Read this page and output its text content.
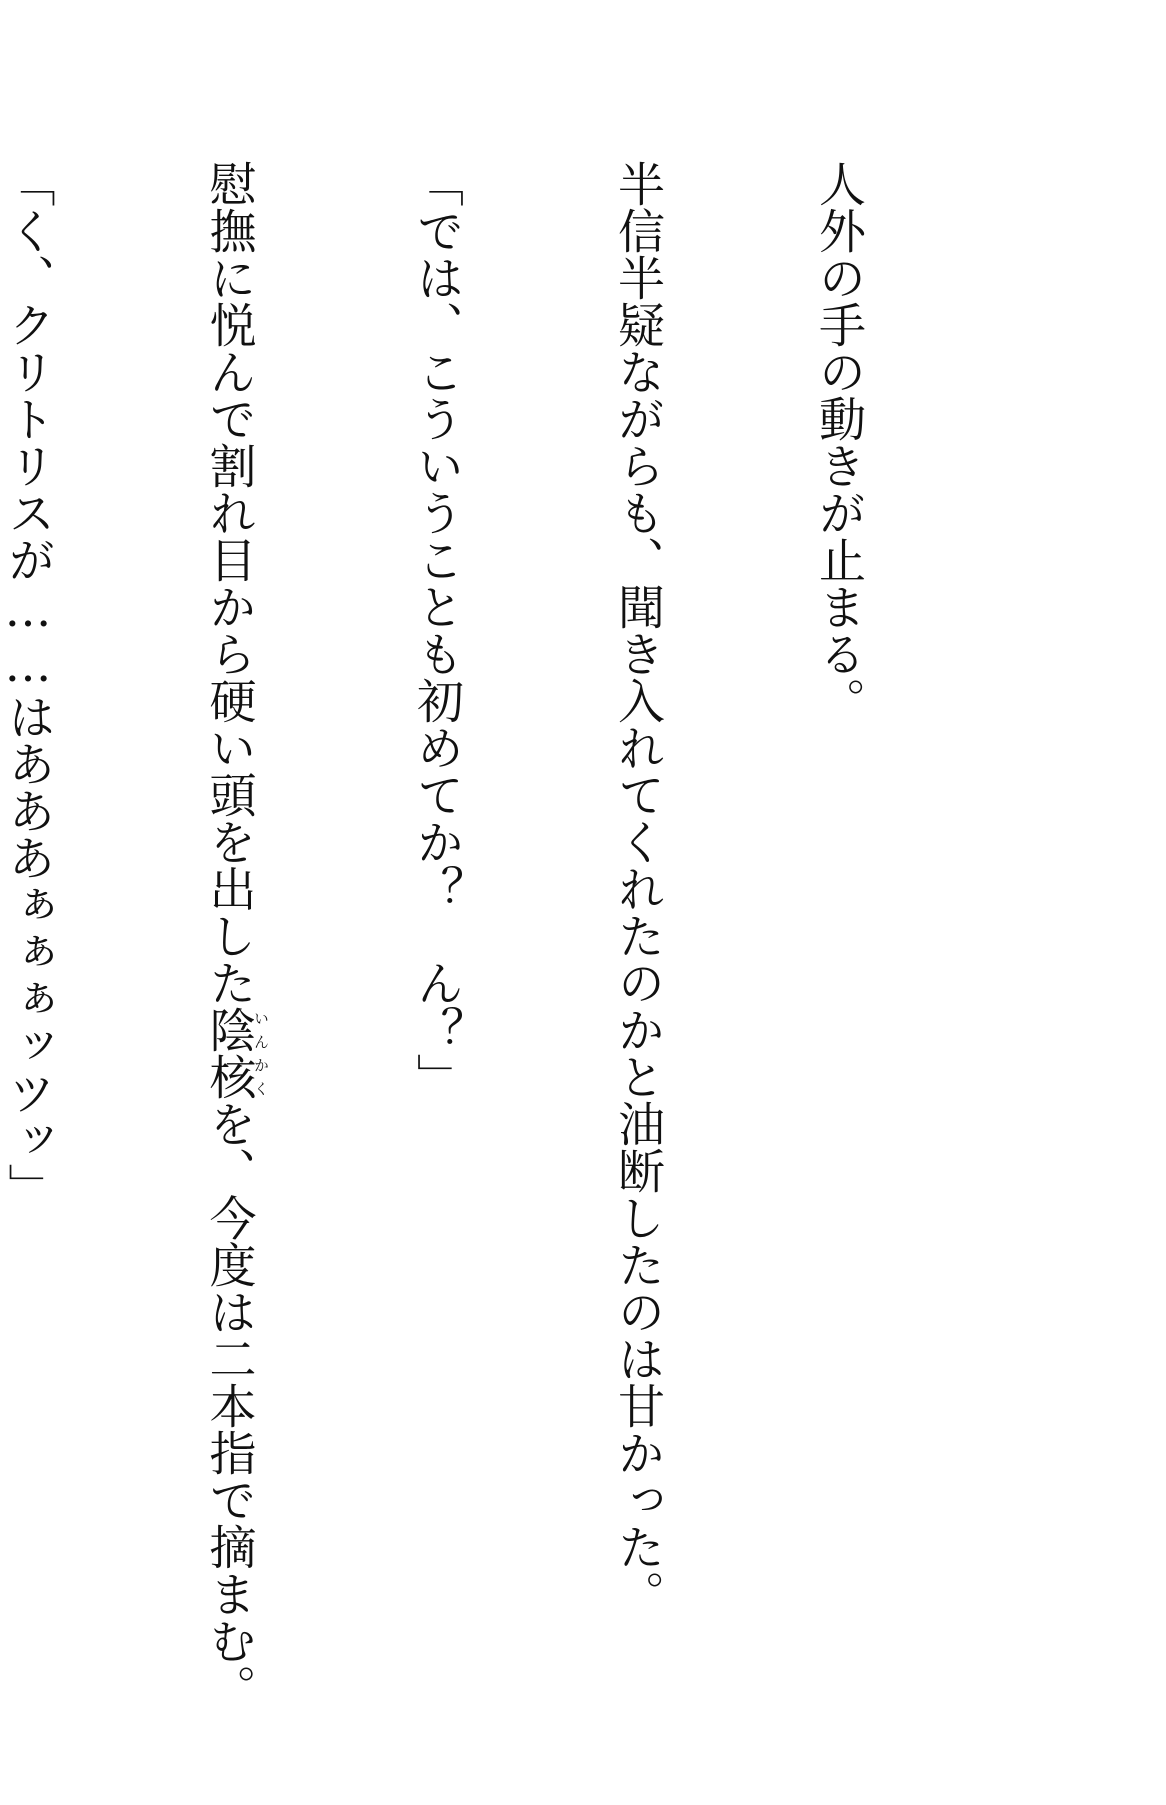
人外の手の動きが止まる。

半信半疑ながらも、聞き入れてくれたのかと油断したのは甘かった。

「では、こういうことも初めてか？　ん？」

慰撫に悦んで割れ目から硬い頭を出した陰核いんかくを、今度は二本指で摘まむ。

「く、クリトリスが……はあああぁぁぁッツッ」
